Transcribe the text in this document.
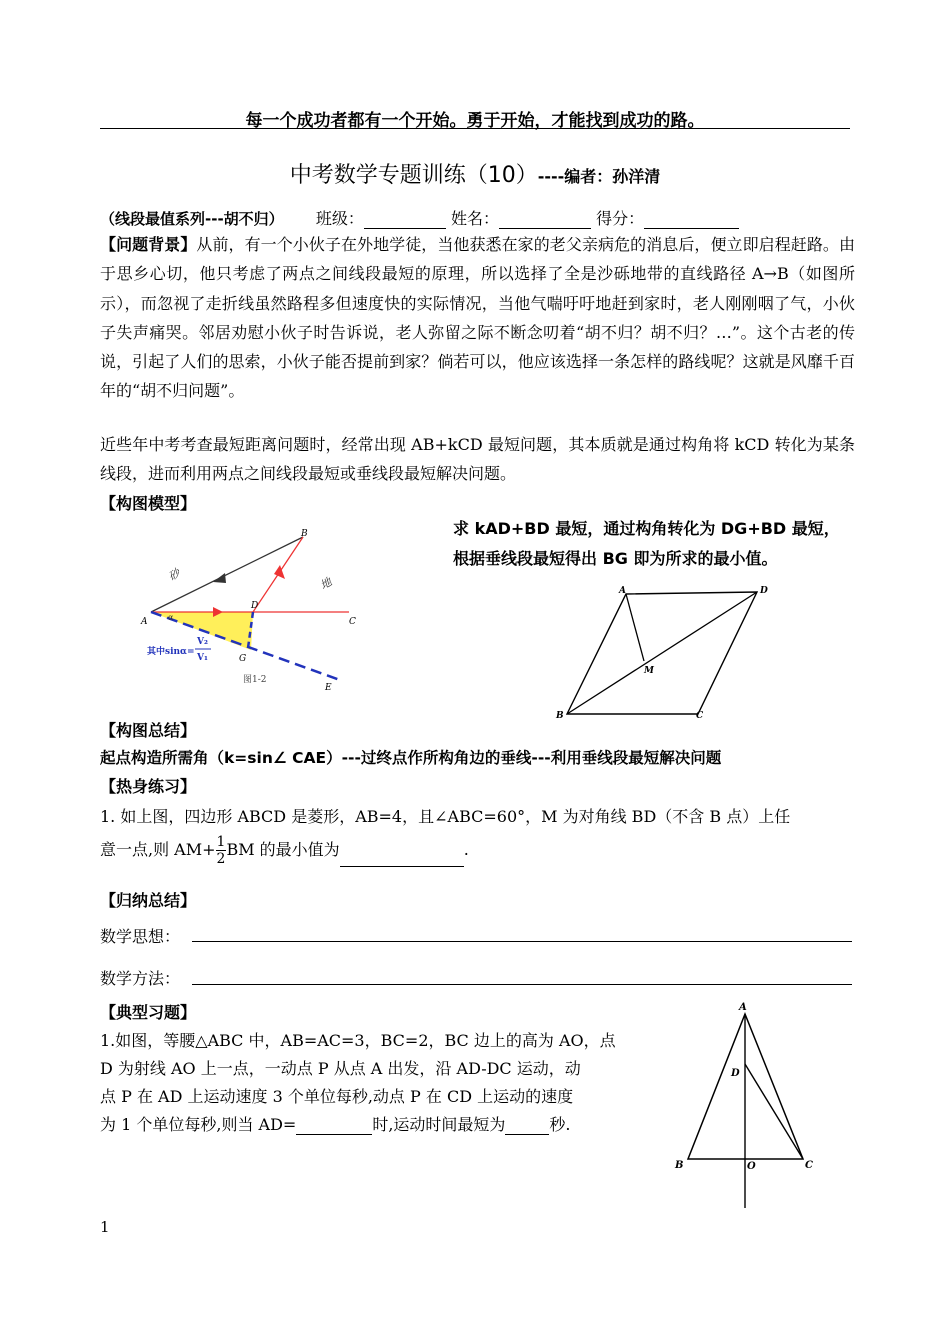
每一个成功者都有一个开始。勇于开始，才能找到成功的路。
中考数学专题训练（10）----编者：孙洋清
（线段最值系列---胡不归） 班级：	姓名：	得分：
【问题背景】从前，有一个小伙子在外地学徒，当他获悉在家的老父亲病危的消息后，便立即启程赶路。由于思乡心切，他只考虑了两点之间线段最短的原理，所以选择了全是沙砾地带的直线路径 A→B（如图所示），而忽视了走折线虽然路程多但速度快的实际情况，当他气喘吁吁地赶到家时，老人刚刚咽了气，小伙子失声痛哭。邻居劝慰小伙子时告诉说，老人弥留之际不断念叨着“胡不归？胡不归？…”。这个古老的传说，引起了人们的思索，小伙子能否提前到家？倘若可以，他应该选择一条怎样的路线呢？这就是风靡千百年的“胡不归问题”。
近些年中考考查最短距离问题时，经常出现 AB+kCD 最短问题，其本质就是通过构角将 kCD 转化为某条线段，进而利用两点之间线段最短或垂线段最短解决问题。
【构图模型】
A
B
C
D
G
E
α
砂
地
其中sinα=
V₂
V₁
图1-2
求 kAD+BD 最短，通过构角转化为 DG+BD 最短，根据垂线段最短得出 BG 即为所求的最小值。
A	D
B	C
M
【构图总结】
起点构造所需角（k=sin∠ CAE）---过终点作所构角边的垂线---利用垂线段最短解决问题
【热身练习】
1. 如上图，四边形 ABCD 是菱形，AB=4，且∠ABC=60°，M 为对角线 BD（不含 B 点）上任
意一点,则 $AM+ \frac{1}{2}$ BM 的最小值为	.
【归纳总结】
数学思想：
数学方法：
【典型习题】
1.如图，等腰△ABC 中，AB=AC=3，BC=2，BC 边上的高为 AO，点
D 为射线 AO 上一点，一动点 P 从点 A 出发，沿 AD-DC 运动，动
点 P 在 AD 上运动速度 3 个单位每秒,动点 P 在 CD 上运动的速度
为 1 个单位每秒,则当 AD=	时,运动时间最短为	秒.
A
D
B	O	C
1
